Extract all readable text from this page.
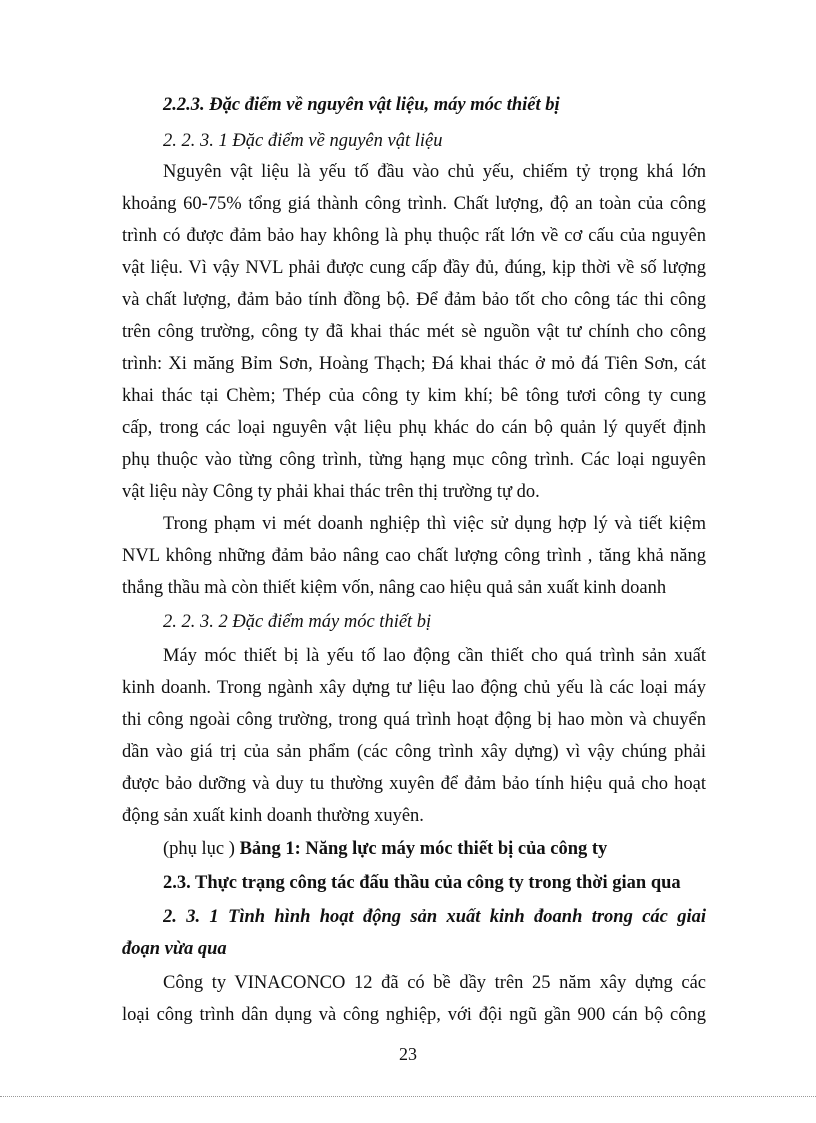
2.2.3. Đặc điểm về nguyên vật liệu, máy móc thiết bị
2. 2. 3. 1 Đặc điểm về nguyên vật liệu
Nguyên vật liệu là yếu tố đầu vào chủ yếu, chiếm tỷ trọng khá lớn
khoảng 60-75% tổng giá thành công trình. Chất lượng, độ an toàn của công
trình có được đảm bảo hay không là phụ thuộc rất lớn về cơ cấu của nguyên
vật liệu. Vì vậy NVL phải được cung cấp đầy đủ, đúng, kịp thời về số lượng
và chất lượng, đảm bảo tính đồng bộ. Để đảm bảo tốt cho công tác thi công
trên công trường, công ty đã khai thác mét sè nguồn vật tư chính cho công
trình: Xi măng Bỉm Sơn, Hoàng Thạch; Đá khai thác ở mỏ đá Tiên Sơn, cát
khai thác tại Chèm; Thép của công ty kim khí; bê tông tươi công ty cung
cấp, trong các loại nguyên vật liệu phụ khác do cán bộ quản lý quyết định
phụ thuộc vào từng công trình, từng hạng mục công trình. Các loại nguyên
vật liệu này Công ty phải khai thác trên thị trường tự do.
Trong phạm vi mét doanh nghiệp thì việc sử dụng hợp lý và tiết kiệm
NVL không những đảm bảo nâng cao chất lượng công trình , tăng khả năng
thắng thầu mà còn thiết kiệm vốn, nâng cao hiệu quả sản xuất kinh doanh
2. 2. 3. 2 Đặc điểm máy móc thiết bị
Máy móc thiết bị là yếu tố lao động cần thiết cho quá trình sản xuất
kinh doanh. Trong ngành xây dựng tư liệu lao động chủ yếu là các loại máy
thi công ngoài công trường, trong quá trình hoạt động bị hao mòn và chuyển
dần vào giá trị của sản phẩm (các công trình xây dựng) vì vậy chúng phải
được bảo dưỡng và duy tu thường xuyên để đảm bảo tính hiệu quả cho hoạt
động sản xuất kinh doanh thường xuyên.
(phụ lục ) Bảng 1: Năng lực máy móc thiết bị của công ty
2.3. Thực trạng công tác đấu thầu của công ty trong thời gian qua
2. 3. 1 Tình hình hoạt động sản xuất kinh đoanh trong các giai
đoạn vừa qua
Công ty VINACONCO 12 đã có bề dầy trên 25 năm xây dựng các
loại công trình dân dụng và công nghiệp, với đội ngũ gần 900 cán bộ công
23
